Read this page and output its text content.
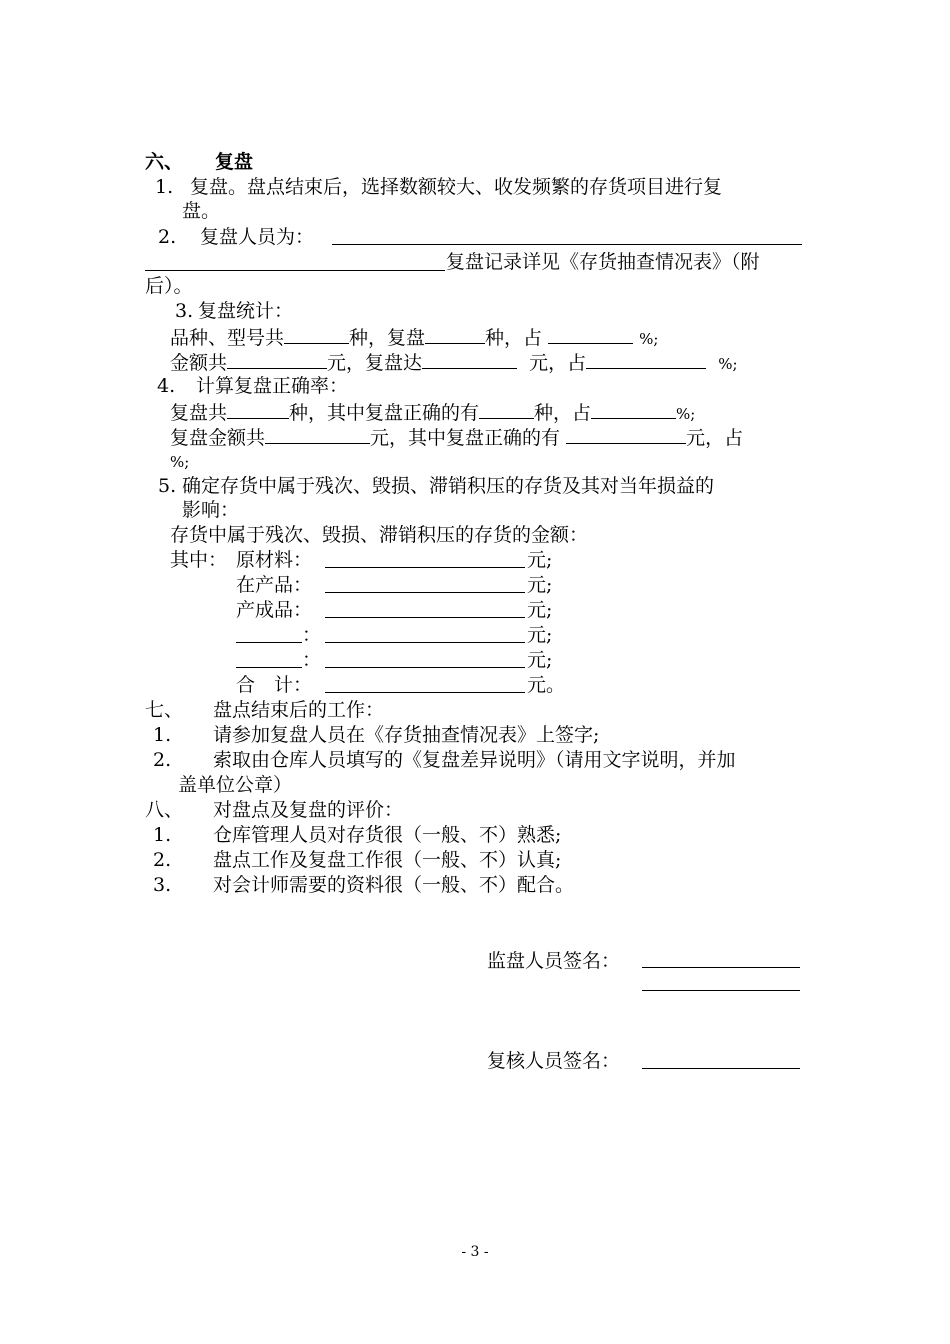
六、 复盘
1. 复盘。盘点结束后，选择数额较大、收发频繁的存货项目进行复
盘。
2. 复盘人员为：
复盘记录详见《存货抽查情况表》（附
后）。
3. 复盘统计：
品种、型号共	种，复盘	种，占	%;
金额共	元，复盘达	元，占	%;
4. 计算复盘正确率：
复盘共	种，其中复盘正确的有	种，占	%;
复盘金额共	元，其中复盘正确的有	元，占
%;
5. 确定存货中属于残次、毁损、滞销积压的存货及其对当年损益的
影响：
存货中属于残次、毁损、滞销积压的存货的金额：
其中： 原材料：	元;
在产品：	元;
产成品：	元;
：	元;
：	元;
合　计：	元。
七、 盘点结束后的工作：
1. 请参加复盘人员在《存货抽查情况表》上签字;
2. 索取由仓库人员填写的《复盘差异说明》（请用文字说明，并加
盖单位公章）
八、 对盘点及复盘的评价：
1. 仓库管理人员对存货很（一般、不）熟悉;
2. 盘点工作及复盘工作很（一般、不）认真;
3. 对会计师需要的资料很（一般、不）配合。
监盘人员签名：
复核人员签名：
- 3 -
